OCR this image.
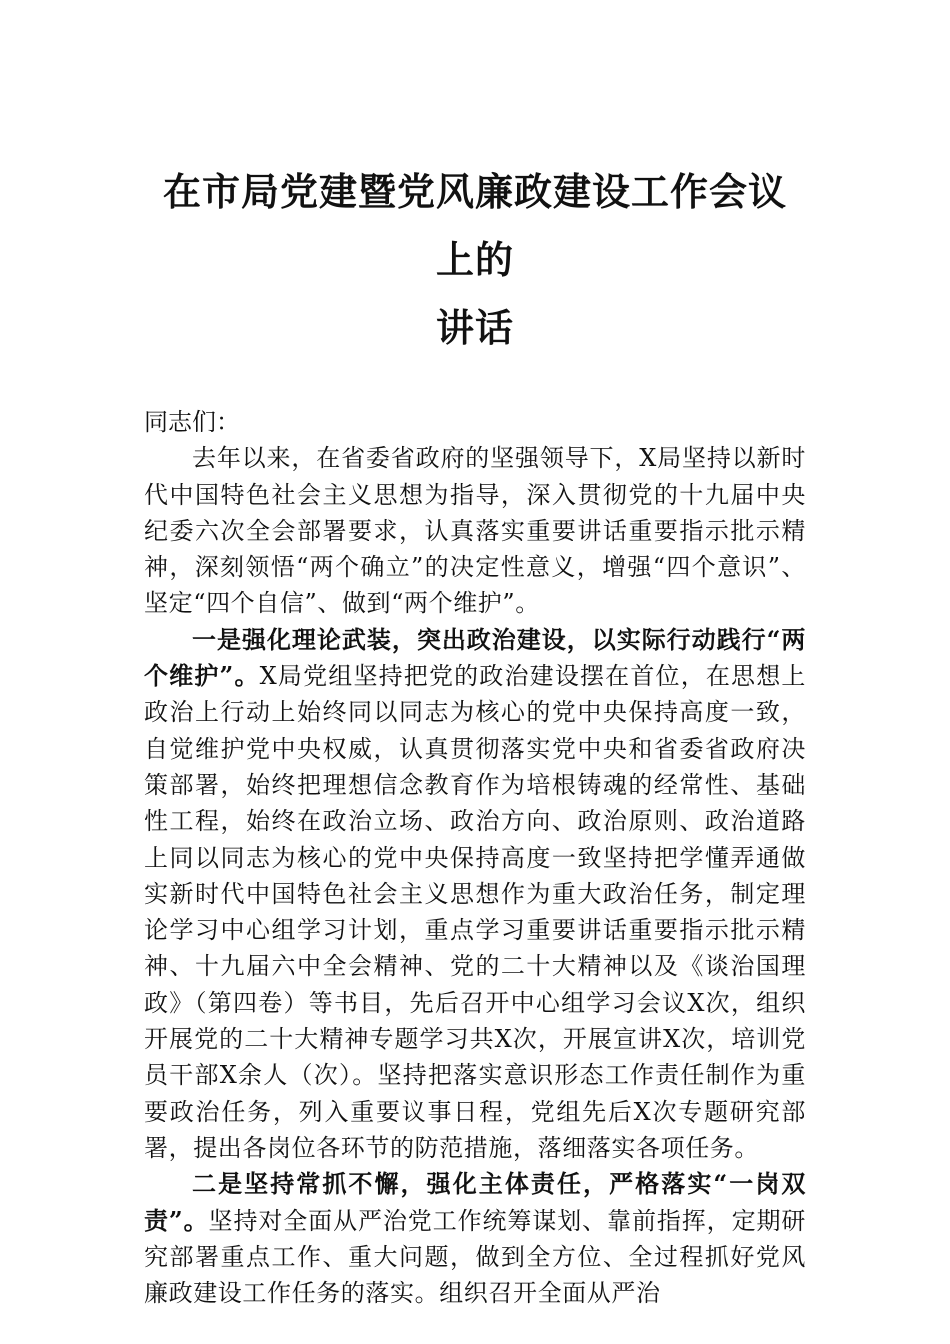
在市局党建暨党风廉政建设工作会议上的
讲话

同志们：

去年以来，在省委省政府的坚强领导下，X局坚持以新时代中国特色社会主义思想为指导，深入贯彻党的十九届中央纪委六次全会部署要求，认真落实重要讲话重要指示批示精神，深刻领悟“两个确立”的决定性意义，增强“四个意识”、坚定“四个自信”、做到“两个维护”。

一是强化理论武装，突出政治建设，以实际行动践行“两个维护”。X局党组坚持把党的政治建设摆在首位，在思想上政治上行动上始终同以同志为核心的党中央保持高度一致，自觉维护党中央权威，认真贯彻落实党中央和省委省政府决策部署，始终把理想信念教育作为培根铸魂的经常性、基础性工程，始终在政治立场、政治方向、政治原则、政治道路上同以同志为核心的党中央保持高度一致坚持把学懂弄通做实新时代中国特色社会主义思想作为重大政治任务，制定理论学习中心组学习计划，重点学习重要讲话重要指示批示精神、十九届六中全会精神、党的二十大精神以及《谈治国理政》（第四卷）等书目，先后召开中心组学习会议X次，组织开展党的二十大精神专题学习共X次，开展宣讲X次，培训党员干部X余人（次）。坚持把落实意识形态工作责任制作为重要政治任务，列入重要议事日程，党组先后X次专题研究部署，提出各岗位各环节的防范措施，落细落实各项任务。

二是坚持常抓不懈，强化主体责任，严格落实“一岗双责”。坚持对全面从严治党工作统筹谋划、靠前指挥，定期研究部署重点工作、重大问题，做到全方位、全过程抓好党风廉政建设工作任务的落实。组织召开全面从严治
